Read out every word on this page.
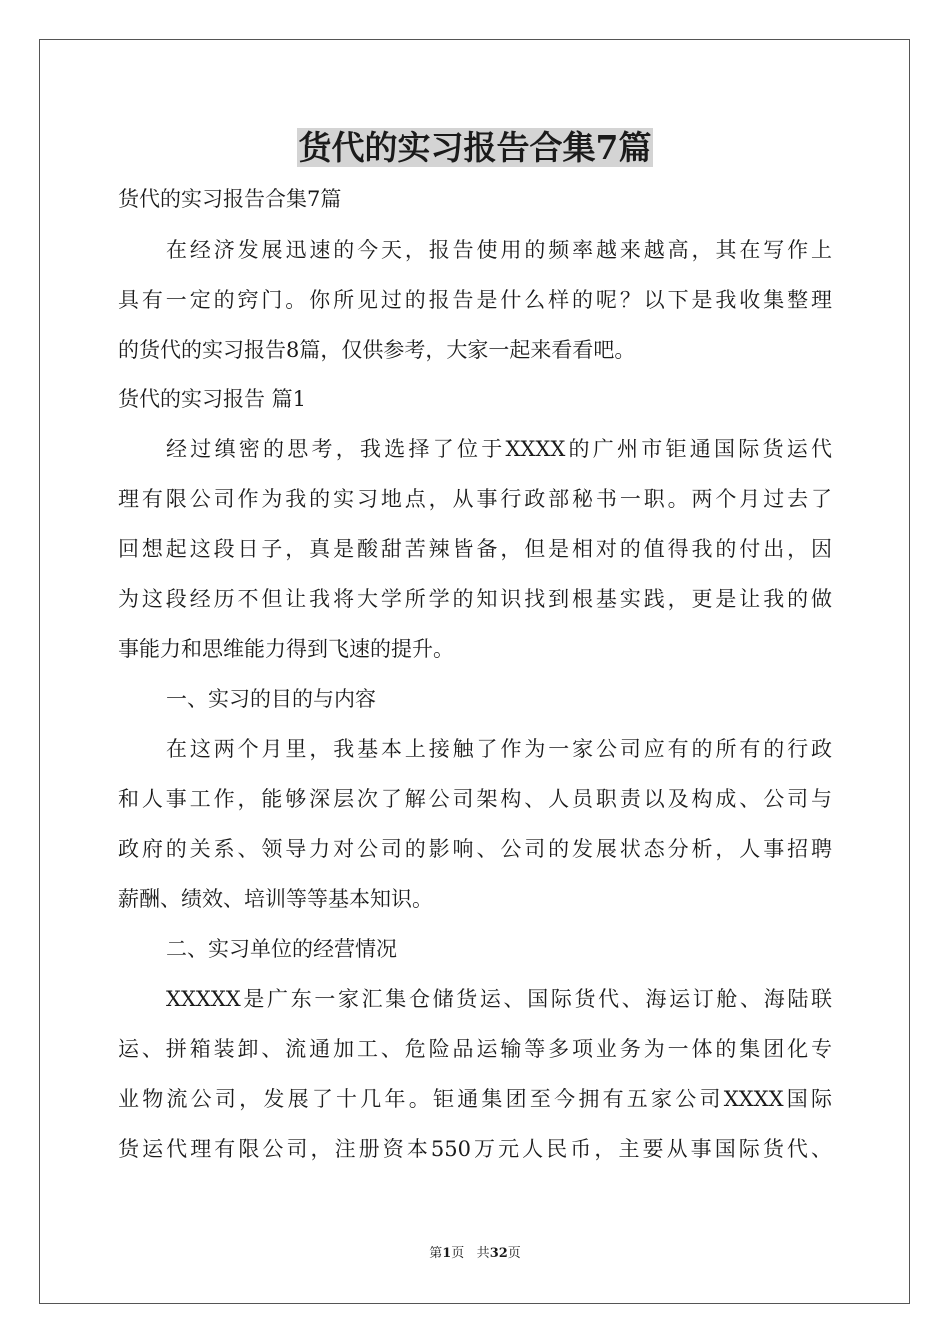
货代的实习报告合集7篇
货代的实习报告合集7篇
在经济发展迅速的今天，报告使用的频率越来越高，其在写作上
具有一定的窍门。你所见过的报告是什么样的呢？以下是我收集整理
的货代的实习报告8篇，仅供参考，大家一起来看看吧。
货代的实习报告 篇1
经过缜密的思考，我选择了位于XXXX的广州市钜通国际货运代
理有限公司作为我的实习地点，从事行政部秘书一职。两个月过去了
回想起这段日子，真是酸甜苦辣皆备，但是相对的值得我的付出，因
为这段经历不但让我将大学所学的知识找到根基实践，更是让我的做
事能力和思维能力得到飞速的提升。
一、实习的目的与内容
在这两个月里，我基本上接触了作为一家公司应有的所有的行政
和人事工作，能够深层次了解公司架构、人员职责以及构成、公司与
政府的关系、领导力对公司的影响、公司的发展状态分析，人事招聘
薪酬、绩效、培训等等基本知识。
二、实习单位的经营情况
XXXXX是广东一家汇集仓储货运、国际货代、海运订舱、海陆联
运、拼箱装卸、流通加工、危险品运输等多项业务为一体的集团化专
业物流公司，发展了十几年。钜通集团至今拥有五家公司XXXX国际
货运代理有限公司，注册资本550万元人民币，主要从事国际货代、
第1页 共32页
